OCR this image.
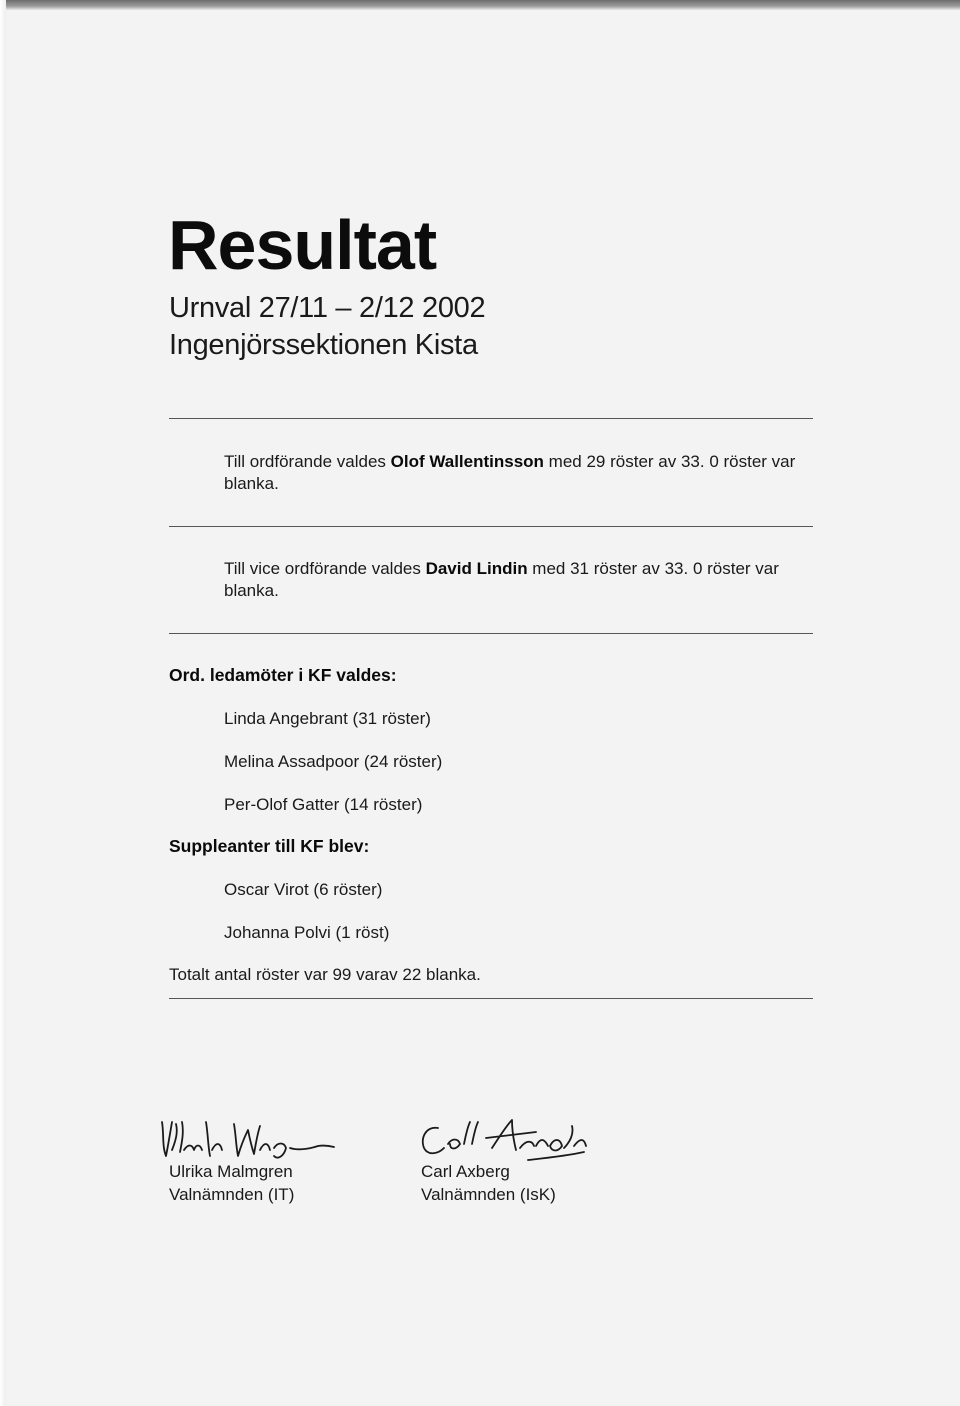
Resultat
Urnval 27/11 – 2/12 2002
Ingenjörssektionen Kista

Till ordförande valdes Olof Wallentinsson med 29 röster av 33. 0 röster var blanka.

Till vice ordförande valdes David Lindin med 31 röster av 33. 0 röster var blanka.

Ord. ledamöter i KF valdes:
Linda Angebrant (31 röster)
Melina Assadpoor (24 röster)
Per-Olof Gatter (14 röster)
Suppleanter till KF blev:
Oscar Virot (6 röster)
Johanna Polvi (1 röst)
Totalt antal röster var 99 varav 22 blanka.
Ulrika Malmgren
Valnämnden (IT)
Carl Axberg
Valnämnden (IsK)
